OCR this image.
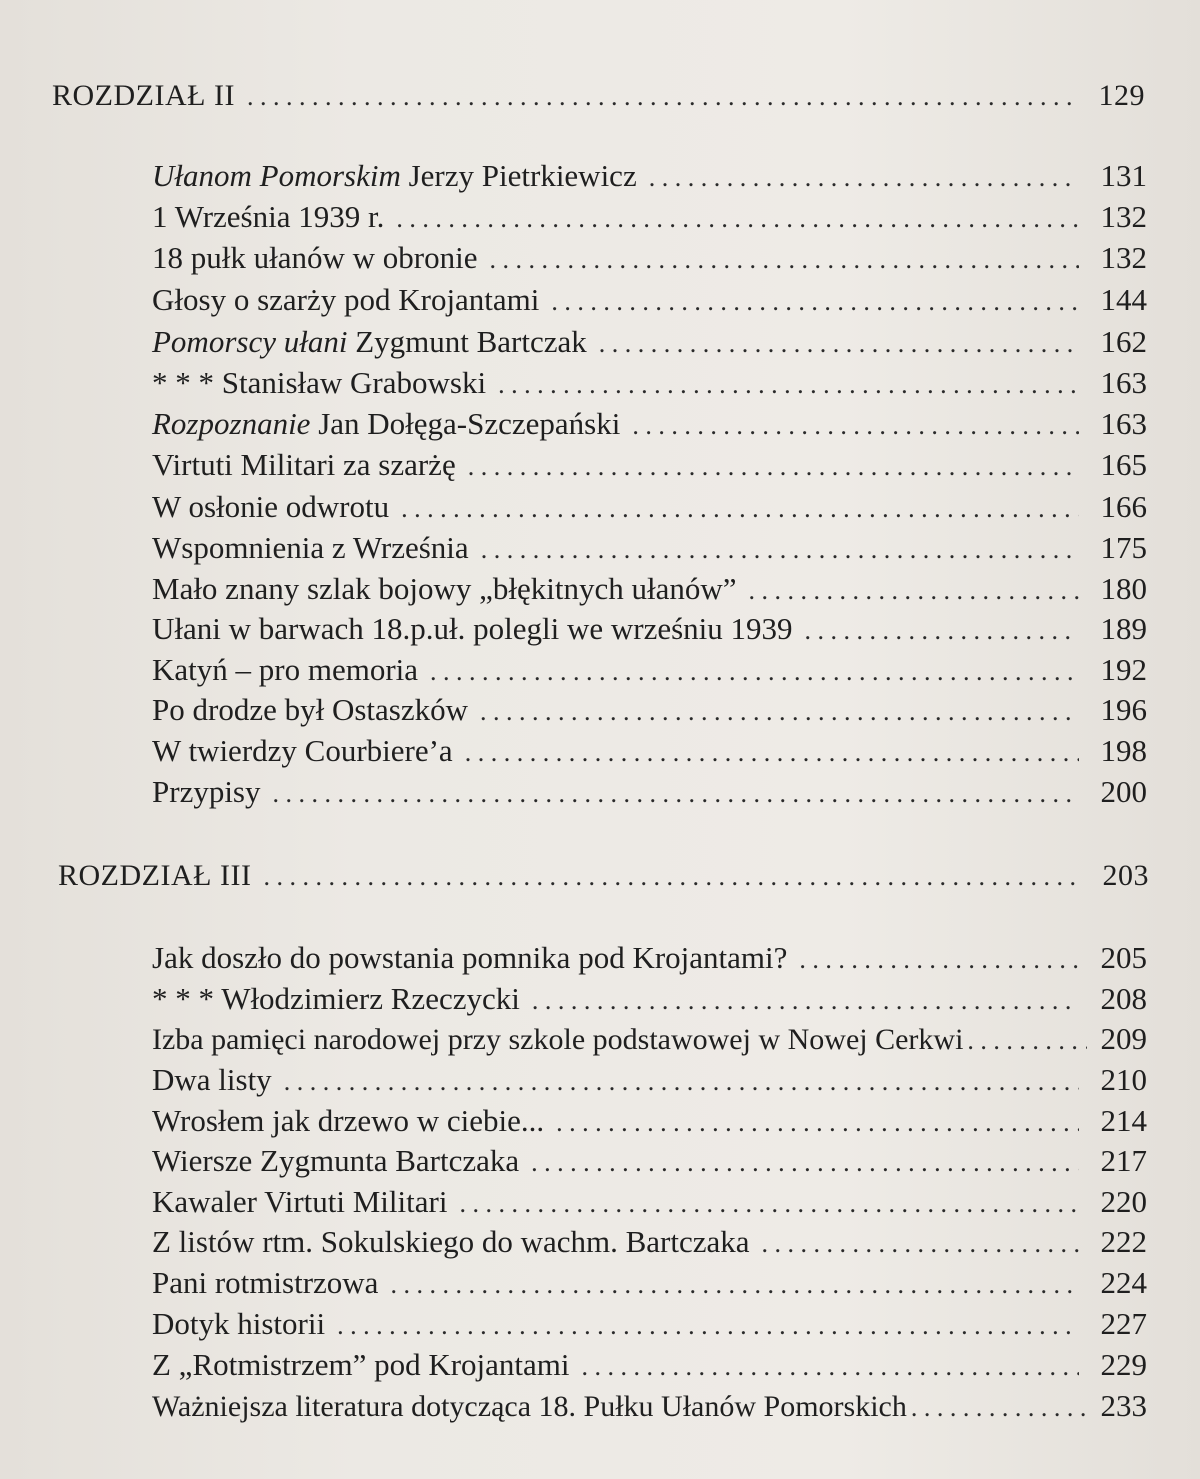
ROZDZIAŁ II . . .	129
Ułanom Pomorskim Jerzy Pietrkiewicz . . .	131
1 Września 1939 r. . . .	132
18 pułk ułanów w obronie . . .	132
Głosy o szarży pod Krojantami . . .	144
Pomorscy ułani Zygmunt Bartczak . . .	162
* * * Stanisław Grabowski . . .	163
Rozpoznanie Jan Dołęga-Szczepański . . .	163
Virtuti Militari za szarżę . . .	165
W osłonie odwrotu . . .	166
Wspomnienia z Września . . .	175
Mało znany szlak bojowy „błękitnych ułanów” . . .	180
Ułani w barwach 18.p.uł. polegli we wrześniu 1939 . . .	189
Katyń – pro memoria . . .	192
Po drodze był Ostaszków . . .	196
W twierdzy Courbiere’a . . .	198
Przypisy . . .	200
ROZDZIAŁ III . . .	203
Jak doszło do powstania pomnika pod Krojantami? . . .	205
* * * Włodzimierz Rzeczycki . . .	208
Izba pamięci narodowej przy szkole podstawowej w Nowej Cerkwi . . .	209
Dwa listy . . .	210
Wrosłem jak drzewo w ciebie... . . .	214
Wiersze Zygmunta Bartczaka . . .	217
Kawaler Virtuti Militari . . .	220
Z listów rtm. Sokulskiego do wachm. Bartczaka . . .	222
Pani rotmistrzowa . . .	224
Dotyk historii . . .	227
Z „Rotmistrzem” pod Krojantami . . .	229
Ważniejsza literatura dotycząca 18. Pułku Ułanów Pomorskich . . .	233
